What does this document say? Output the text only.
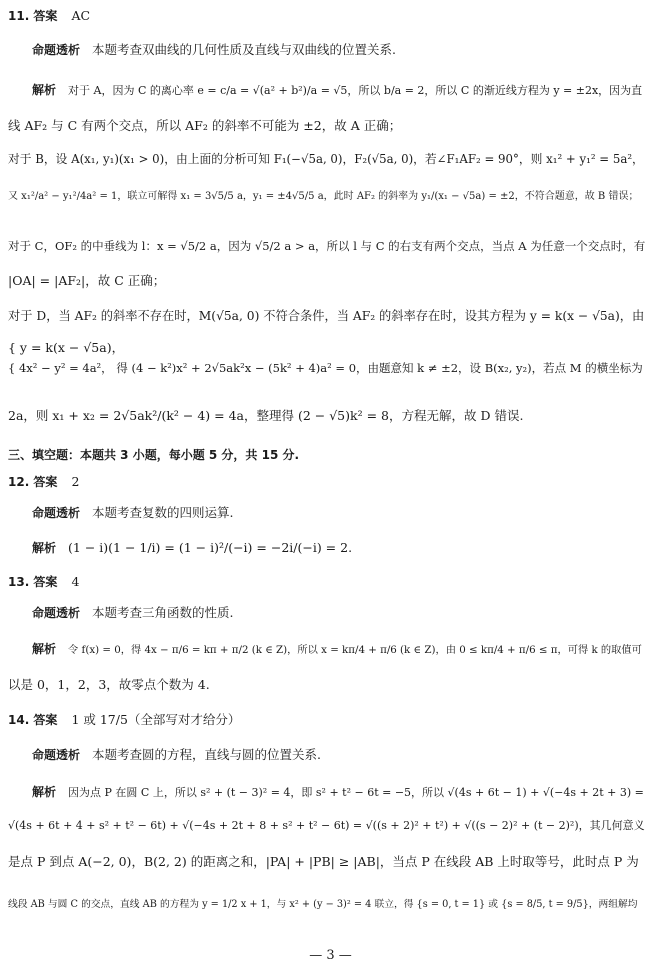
11. 答案 AC
命题透析 本题考查双曲线的几何性质及直线与双曲线的位置关系.
解析 对于 A，因为 C 的离心率 e = c/a = √(a² + b²)/a = √5，所以 b/a = 2，所以 C 的渐近线方程为 y = ±2x，因为直
线 AF₂ 与 C 有两个交点，所以 AF₂ 的斜率不可能为 ±2，故 A 正确；
对于 B，设 A(x₁, y₁)(x₁ > 0)，由上面的分析可知 F₁(−√5a, 0)，F₂(√5a, 0)，若∠F₁AF₂ = 90°，则 x₁² + y₁² = 5a²，
又 x₁²/a² − y₁²/4a² = 1，联立可解得 x₁ = 3√5/5 a，y₁ = ±4√5/5 a，此时 AF₂ 的斜率为 y₁/(x₁ − √5a) = ±2，不符合题意，故 B 错误；
对于 C，OF₂ 的中垂线为 l：x = √5/2 a，因为 √5/2 a > a，所以 l 与 C 的右支有两个交点，当点 A 为任意一个交点时，有
|OA| = |AF₂|，故 C 正确；
对于 D，当 AF₂ 的斜率不存在时，M(√5a, 0) 不符合条件，当 AF₂ 的斜率存在时，设其方程为 y = k(x − √5a)，由
{ y = k(x − √5a)，
{ 4x² − y² = 4a²， 得 (4 − k²)x² + 2√5ak²x − (5k² + 4)a² = 0，由题意知 k ≠ ±2，设 B(x₂, y₂)，若点 M 的横坐标为
2a，则 x₁ + x₂ = 2√5ak²/(k² − 4) = 4a，整理得 (2 − √5)k² = 8，方程无解，故 D 错误.
三、填空题：本题共 3 小题，每小题 5 分，共 15 分.
12. 答案 2
命题透析 本题考查复数的四则运算.
解析 (1 − i)(1 − 1/i) = (1 − i)²/(−i) = −2i/(−i) = 2.
13. 答案 4
命题透析 本题考查三角函数的性质.
解析 令 f(x) = 0，得 4x − π/6 = kπ + π/2 (k ∈ Z)，所以 x = kπ/4 + π/6 (k ∈ Z)，由 0 ≤ kπ/4 + π/6 ≤ π，可得 k 的取值可
以是 0，1，2，3，故零点个数为 4.
14. 答案 1 或 17/5（全部写对才给分）
命题透析 本题考查圆的方程，直线与圆的位置关系.
解析 因为点 P 在圆 C 上，所以 s² + (t − 3)² = 4，即 s² + t² − 6t = −5，所以 √(4s + 6t − 1) + √(−4s + 2t + 3) =
√(4s + 6t + 4 + s² + t² − 6t) + √(−4s + 2t + 8 + s² + t² − 6t) = √((s + 2)² + t²) + √((s − 2)² + (t − 2)²)，其几何意义
是点 P 到点 A(−2, 0)，B(2, 2) 的距离之和，|PA| + |PB| ≥ |AB|，当点 P 在线段 AB 上时取等号，此时点 P 为
线段 AB 与圆 C 的交点，直线 AB 的方程为 y = 1/2 x + 1，与 x² + (y − 3)² = 4 联立，得 {s = 0, t = 1} 或 {s = 8/5, t = 9/5}，两组解均
— 3 —
